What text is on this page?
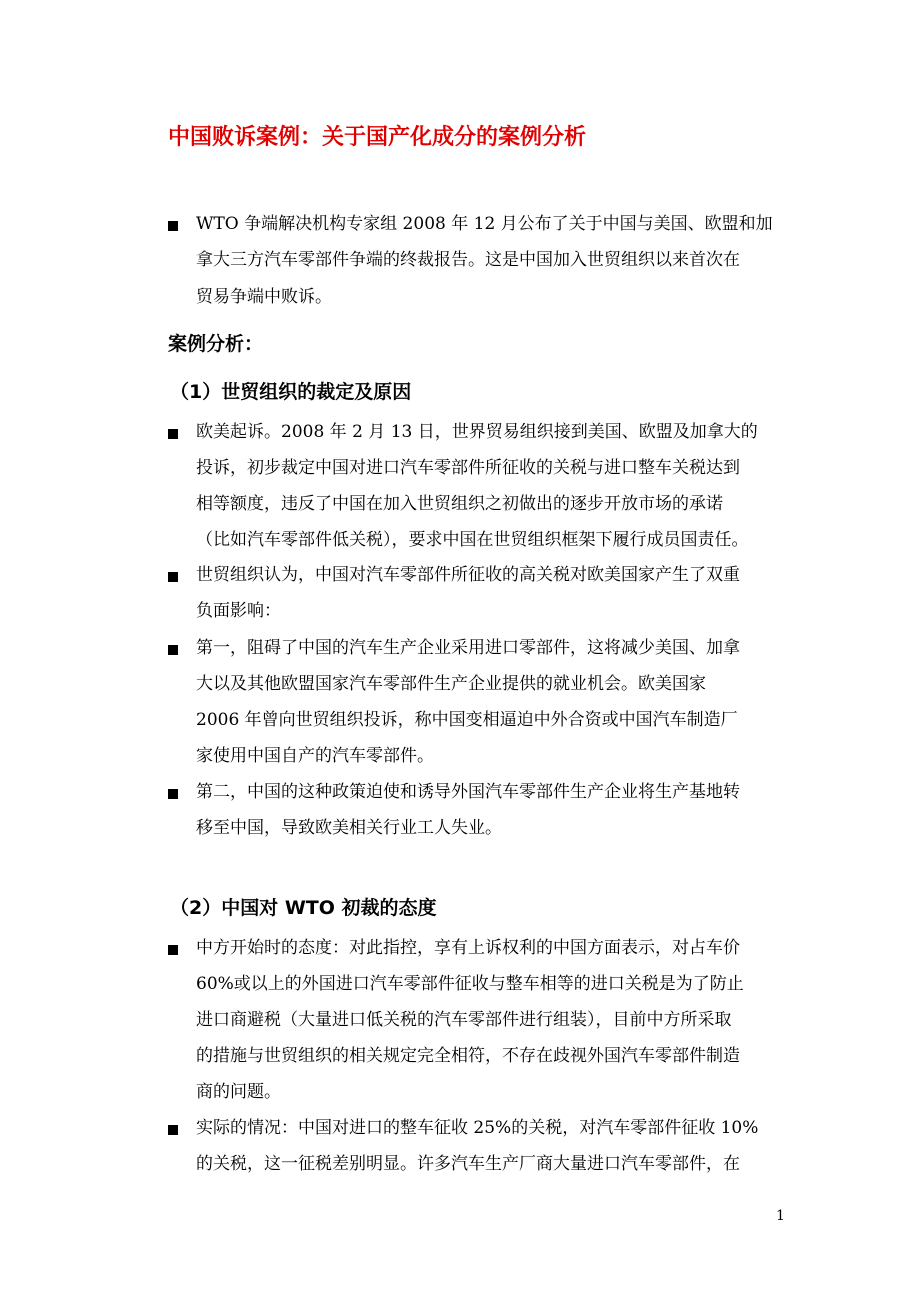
中国败诉案例：关于国产化成分的案例分析
WTO 争端解决机构专家组 2008 年 12 月公布了关于中国与美国、欧盟和加
拿大三方汽车零部件争端的终裁报告。这是中国加入世贸组织以来首次在
贸易争端中败诉。
案例分析：
（1）世贸组织的裁定及原因
欧美起诉。2008 年 2 月 13 日，世界贸易组织接到美国、欧盟及加拿大的
投诉，初步裁定中国对进口汽车零部件所征收的关税与进口整车关税达到
相等额度，违反了中国在加入世贸组织之初做出的逐步开放市场的承诺
（比如汽车零部件低关税），要求中国在世贸组织框架下履行成员国责任。
世贸组织认为，中国对汽车零部件所征收的高关税对欧美国家产生了双重
负面影响：
第一，阻碍了中国的汽车生产企业采用进口零部件，这将减少美国、加拿
大以及其他欧盟国家汽车零部件生产企业提供的就业机会。欧美国家
2006 年曾向世贸组织投诉，称中国变相逼迫中外合资或中国汽车制造厂
家使用中国自产的汽车零部件。
第二，中国的这种政策迫使和诱导外国汽车零部件生产企业将生产基地转
移至中国，导致欧美相关行业工人失业。
（2）中国对 WTO 初裁的态度
中方开始时的态度：对此指控，享有上诉权利的中国方面表示，对占车价
60%或以上的外国进口汽车零部件征收与整车相等的进口关税是为了防止
进口商避税（大量进口低关税的汽车零部件进行组装），目前中方所采取
的措施与世贸组织的相关规定完全相符，不存在歧视外国汽车零部件制造
商的问题。
实际的情况：中国对进口的整车征收 25%的关税，对汽车零部件征收 10%
的关税，这一征税差别明显。许多汽车生产厂商大量进口汽车零部件，在
1
